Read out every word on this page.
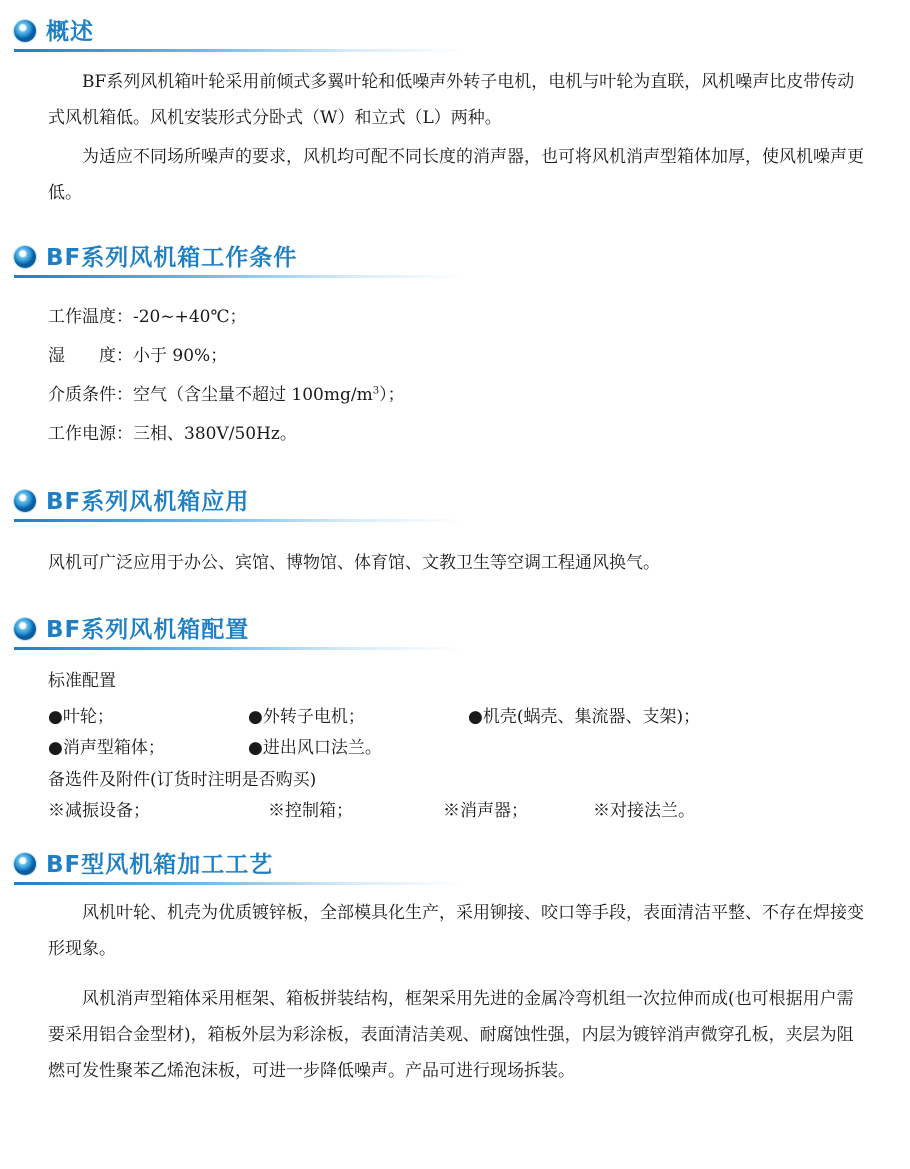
概述

BF系列风机箱叶轮采用前倾式多翼叶轮和低噪声外转子电机，电机与叶轮为直联，风机噪声比皮带传动式风机箱低。风机安装形式分卧式（W）和立式（L）两种。

为适应不同场所噪声的要求，风机均可配不同长度的消声器，也可将风机消声型箱体加厚，使风机噪声更低。

BF系列风机箱工作条件
工作温度：-20~+40℃；
湿　　度：小于 90%；
介质条件：空气（含尘量不超过 $100mg/m^3$）；
工作电源：三相、380V/50Hz。
BF系列风机箱应用
风机可广泛应用于办公、宾馆、博物馆、体育馆、文教卫生等空调工程通风换气。
BF系列风机箱配置
标准配置
●叶轮；	●外转子电机；	●机壳(蜗壳、集流器、支架)；
●消声型箱体；	●进出风口法兰。
备选件及附件(订货时注明是否购买)
※减振设备；	※控制箱；	※消声器；	※对接法兰。
BF型风机箱加工工艺

风机叶轮、机壳为优质镀锌板，全部模具化生产，采用铆接、咬口等手段，表面清洁平整、不存在焊接变形现象。

风机消声型箱体采用框架、箱板拼装结构，框架采用先进的金属冷弯机组一次拉伸而成(也可根据用户需要采用铝合金型材)，箱板外层为彩涂板，表面清洁美观、耐腐蚀性强，内层为镀锌消声微穿孔板，夹层为阻燃可发性聚苯乙烯泡沫板，可进一步降低噪声。产品可进行现场拆装。
